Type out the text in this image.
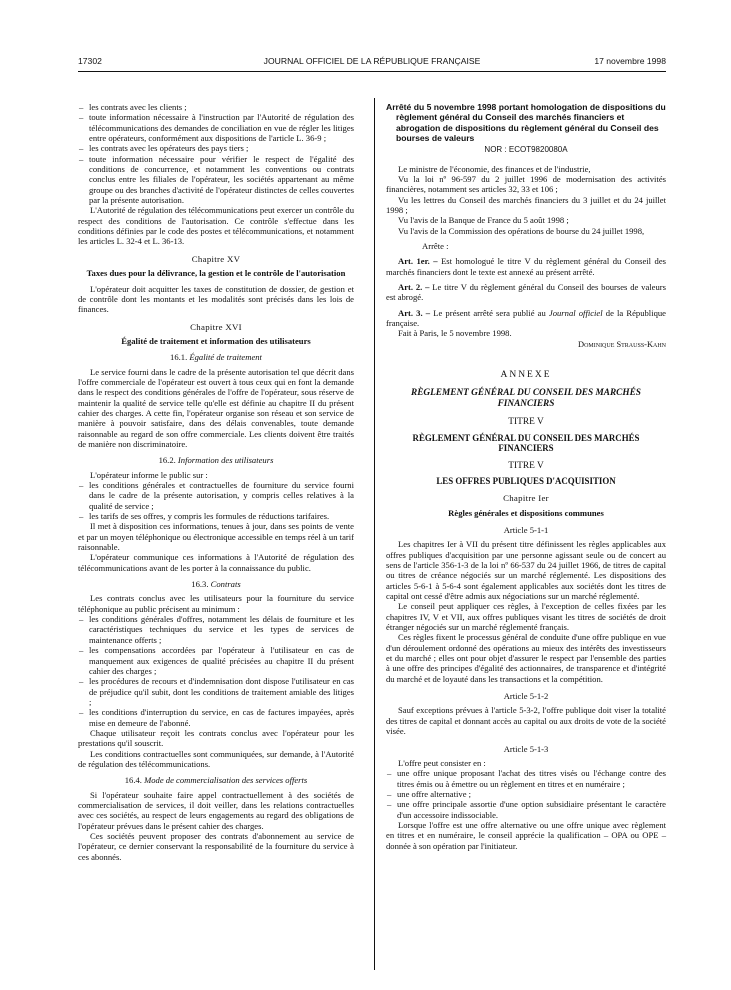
17302	JOURNAL OFFICIEL DE LA RÉPUBLIQUE FRANÇAISE	17 novembre 1998
– les contrats avec les clients ;
– toute information nécessaire à l'instruction par l'Autorité de régulation des télécommunications des demandes de conciliation en vue de régler les litiges entre opérateurs, conformément aux dispositions de l'article L. 36-9 ;
– les contrats avec les opérateurs des pays tiers ;
– toute information nécessaire pour vérifier le respect de l'égalité des conditions de concurrence, et notamment les conventions ou contrats conclus entre les filiales de l'opérateur, les sociétés appartenant au même groupe ou des branches d'activité de l'opérateur distinctes de celles couvertes par la présente autorisation.

L'Autorité de régulation des télécommunications peut exercer un contrôle du respect des conditions de l'autorisation. Ce contrôle s'effectue dans les conditions définies par le code des postes et télécommunications, et notamment les articles L. 32-4 et L. 36-13.

Chapitre XV
Taxes dues pour la délivrance, la gestion et le contrôle de l'autorisation

L'opérateur doit acquitter les taxes de constitution de dossier, de gestion et de contrôle dont les montants et les modalités sont précisés dans les lois de finances.

Chapitre XVI
Égalité de traitement et information des utilisateurs
16.1. Égalité de traitement

Le service fourni dans le cadre de la présente autorisation tel que décrit dans l'offre commerciale de l'opérateur est ouvert à tous ceux qui en font la demande dans le respect des conditions générales de l'offre de l'opérateur, sous réserve de maintenir la qualité de service telle qu'elle est définie au chapitre II du présent cahier des charges. A cette fin, l'opérateur organise son réseau et son service de manière à pouvoir satisfaire, dans des délais convenables, toute demande raisonnable au regard de son offre commerciale. Les clients doivent être traités de manière non discriminatoire.

16.2. Information des utilisateurs

L'opérateur informe le public sur :

– les conditions générales et contractuelles de fourniture du service fourni dans le cadre de la présente autorisation, y compris celles relatives à la qualité de service ;
– les tarifs de ses offres, y compris les formules de réductions tarifaires.

Il met à disposition ces informations, tenues à jour, dans ses points de vente et par un moyen téléphonique ou électronique accessible en temps réel à un tarif raisonnable.

L'opérateur communique ces informations à l'Autorité de régulation des télécommunications avant de les porter à la connaissance du public.

16.3. Contrats

Les contrats conclus avec les utilisateurs pour la fourniture du service téléphonique au public précisent au minimum :

– les conditions générales d'offres, notamment les délais de fourniture et les caractéristiques techniques du service et les types de services de maintenance offerts ;
– les compensations accordées par l'opérateur à l'utilisateur en cas de manquement aux exigences de qualité précisées au chapitre II du présent cahier des charges ;
– les procédures de recours et d'indemnisation dont dispose l'utilisateur en cas de préjudice qu'il subit, dont les conditions de traitement amiable des litiges ;
– les conditions d'interruption du service, en cas de factures impayées, après mise en demeure de l'abonné.

Chaque utilisateur reçoit les contrats conclus avec l'opérateur pour les prestations qu'il souscrit.

Les conditions contractuelles sont communiquées, sur demande, à l'Autorité de régulation des télécommunications.

16.4. Mode de commercialisation des services offerts

Si l'opérateur souhaite faire appel contractuellement à des sociétés de commercialisation de services, il doit veiller, dans les relations contractuelles avec ces sociétés, au respect de leurs engagements au regard des obligations de l'opérateur prévues dans le présent cahier des charges.

Ces sociétés peuvent proposer des contrats d'abonnement au service de l'opérateur, ce dernier conservant la responsabilité de la fourniture du service à ces abonnés.

Arrêté du 5 novembre 1998 portant homologation de dispositions du règlement général du Conseil des marchés financiers et abrogation de dispositions du règlement général du Conseil des bourses de valeurs
NOR : ECOT9820080A

Le ministre de l'économie, des finances et de l'industrie,

Vu la loi nº 96-597 du 2 juillet 1996 de modernisation des activités financières, notamment ses articles 32, 33 et 106 ;

Vu les lettres du Conseil des marchés financiers du 3 juillet et du 24 juillet 1998 ;

Vu l'avis de la Banque de France du 5 août 1998 ;

Vu l'avis de la Commission des opérations de bourse du 24 juillet 1998,

Arrête :

Art. 1er. – Est homologué le titre V du règlement général du Conseil des marchés financiers dont le texte est annexé au présent arrêté.

Art. 2. – Le titre V du règlement général du Conseil des bourses de valeurs est abrogé.

Art. 3. – Le présent arrêté sera publié au Journal officiel de la République française.

Fait à Paris, le 5 novembre 1998.

Dominique Strauss-Kahn
ANNEXE
RÈGLEMENT GÉNÉRAL DU CONSEIL DES MARCHÉS FINANCIERS
TITRE V
RÈGLEMENT GÉNÉRAL DU CONSEIL DES MARCHÉS FINANCIERS
TITRE V
LES OFFRES PUBLIQUES D'ACQUISITION
Chapitre Ier
Règles générales et dispositions communes
Article 5-1-1

Les chapitres Ier à VII du présent titre définissent les règles applicables aux offres publiques d'acquisition par une personne agissant seule ou de concert au sens de l'article 356-1-3 de la loi nº 66-537 du 24 juillet 1966, de titres de capital ou titres de créance négociés sur un marché réglementé. Les dispositions des articles 5-6-1 à 5-6-4 sont également applicables aux sociétés dont les titres de capital ont cessé d'être admis aux négociations sur un marché réglementé.

Le conseil peut appliquer ces règles, à l'exception de celles fixées par les chapitres IV, V et VII, aux offres publiques visant les titres de sociétés de droit étranger négociés sur un marché réglementé français.

Ces règles fixent le processus général de conduite d'une offre publique en vue d'un déroulement ordonné des opérations au mieux des intérêts des investisseurs et du marché ; elles ont pour objet d'assurer le respect par l'ensemble des parties à une offre des principes d'égalité des actionnaires, de transparence et d'intégrité du marché et de loyauté dans les transactions et la compétition.

Article 5-1-2

Sauf exceptions prévues à l'article 5-3-2, l'offre publique doit viser la totalité des titres de capital et donnant accès au capital ou aux droits de vote de la société visée.

Article 5-1-3

L'offre peut consister en :

– une offre unique proposant l'achat des titres visés ou l'échange contre des titres émis ou à émettre ou un règlement en titres et en numéraire ;
– une offre alternative ;
– une offre principale assortie d'une option subsidiaire présentant le caractère d'un accessoire indissociable.

Lorsque l'offre est une offre alternative ou une offre unique avec règlement en titres et en numéraire, le conseil apprécie la qualification – OPA ou OPE – donnée à son opération par l'initiateur.
